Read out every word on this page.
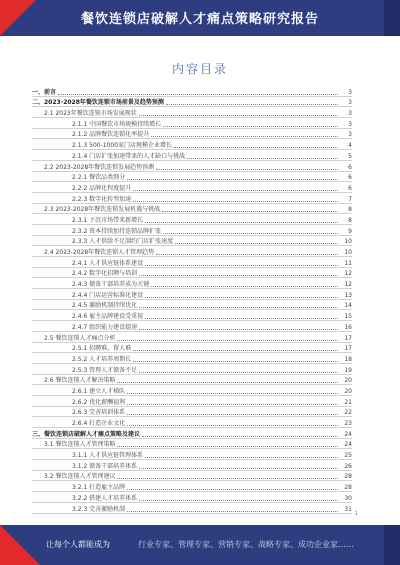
餐饮连锁店破解人才痛点策略研究报告
内容目录
一、前言	3
二、2023-2028年餐饮连锁市场前景及趋势预测	3
2.1 2023年餐饮连锁市场发展现状	3
2.1.1 中国餐饮市场规模持续增长	3
2.1.2 品牌餐饮连锁化率提升	3
2.1.3 500-1000家门店规模企业增长	4
2.1.4 门店扩张加速带来的人才缺口与挑战	5
2.2 2023-2028年餐饮连锁发展趋势预测	6
2.2.1 餐饮品类细分	6
2.2.2 品牌化程度提升	6
2.2.3 数字化转型加速	7
2.3 2023-2028年餐饮连锁发展机遇与挑战	8
2.3.1 下沉市场带来新增长	8
2.3.2 资本持续加持连锁品牌扩张	9
2.3.3 人才供给不足制约门店扩张速度	10
2.4 2023-2028年餐饮连锁人才管理趋势	10
2.4.1 人才供应链体系建设	11
2.4.2 数字化招聘与培训	12
2.4.3 储备干部培养成为关键	12
2.4.4 门店运营标准化建设	13
2.4.5 激励机制持续优化	14
2.4.6 雇主品牌建设受重视	15
2.4.7 组织能力建设提速	16
2.5 餐饮连锁人才痛点分析	17
2.5.1 招聘难、留人难	17
2.5.2 人才培养周期长	18
2.5.3 管理人才储备不足	19
2.6 餐饮连锁人才解决策略	20
2.6.1 建立人才梯队	20
2.6.2 优化薪酬福利	21
2.6.3 完善培训体系	22
2.6.4 打造企业文化	23
三、餐饮连锁店破解人才痛点策略及建议	24
3.1 餐饮连锁人才管理策略	24
3.1.1 人才供应链管理体系	25
3.1.2 储备干部培养体系	26
3.2 餐饮连锁人才管理建议	28
3.2.1 打造雇主品牌	28
3.2.2 搭建人才培养体系	30
3.2.3 完善激励机制	31
1
让每个人都能成为	行业专家、管理专家、营销专家、战略专家、成功企业家……
